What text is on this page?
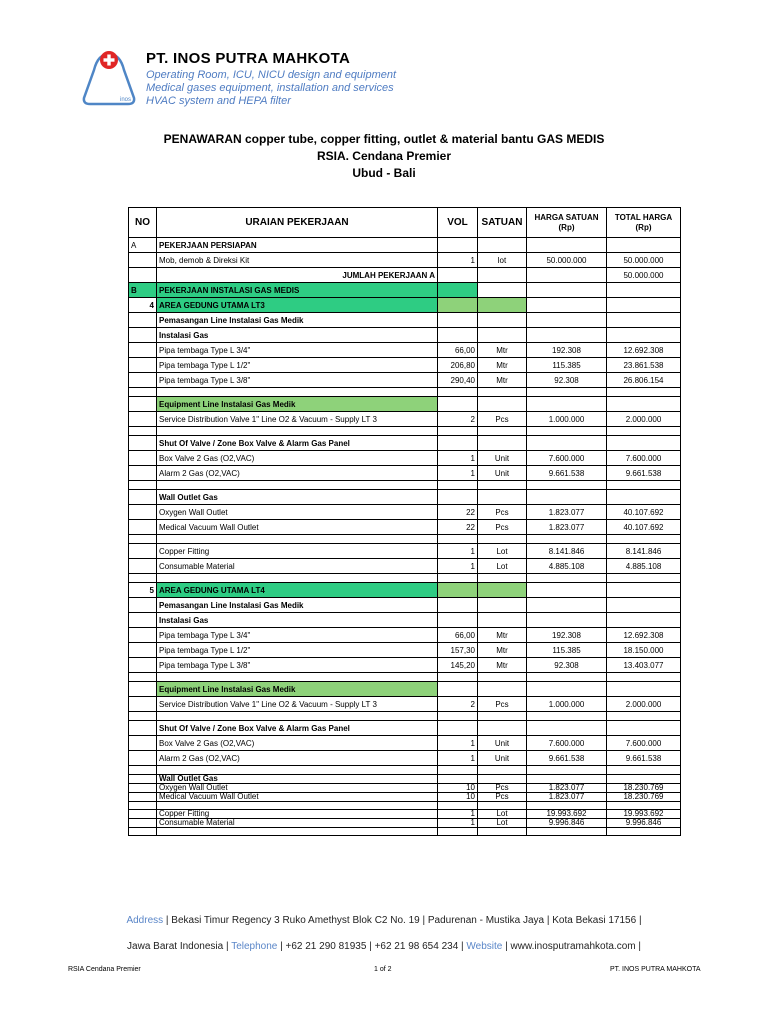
inos
PT. INOS PUTRA MAHKOTA
Operating Room, ICU, NICU design and equipment
Medical gases equipment, installation and services
HVAC system and HEPA filter
PENAWARAN copper tube, copper fitting, outlet & material bantu GAS MEDIS
RSIA. Cendana Premier
Ubud - Bali
NO	URAIAN PEKERJAAN	VOL	SATUAN	HARGA SATUAN (Rp)	TOTAL HARGA (Rp)
A	PEKERJAAN PERSIAPAN				
	Mob, demob & Direksi Kit	1	lot	50.000.000	50.000.000
	JUMLAH PEKERJAAN A				50.000.000
B	PEKERJAAN INSTALASI GAS MEDIS				
4	AREA GEDUNG UTAMA LT3				
	Pemasangan Line Instalasi Gas Medik				
	Instalasi Gas				
	Pipa tembaga Type L 3/4"	66,00	Mtr	192.308	12.692.308
	Pipa tembaga Type L 1/2"	206,80	Mtr	115.385	23.861.538
	Pipa tembaga Type L 3/8"	290,40	Mtr	92.308	26.806.154

	Equipment Line Instalasi Gas Medik				
	Service Distribution Valve 1" Line O2 & Vacuum - Supply LT 3	2	Pcs	1.000.000	2.000.000

	Shut Of Valve / Zone Box Valve & Alarm Gas Panel				
	Box Valve 2 Gas (O2,VAC)	1	Unit	7.600.000	7.600.000
	Alarm 2 Gas (O2,VAC)	1	Unit	9.661.538	9.661.538

	Wall Outlet Gas				
	Oxygen Wall Outlet	22	Pcs	1.823.077	40.107.692
	Medical Vacuum Wall Outlet	22	Pcs	1.823.077	40.107.692

	Copper Fitting	1	Lot	8.141.846	8.141.846
	Consumable Material	1	Lot	4.885.108	4.885.108

5	AREA GEDUNG UTAMA LT4				
	Pemasangan Line Instalasi Gas Medik				
	Instalasi Gas				
	Pipa tembaga Type L 3/4"	66,00	Mtr	192.308	12.692.308
	Pipa tembaga Type L 1/2"	157,30	Mtr	115.385	18.150.000
	Pipa tembaga Type L 3/8"	145,20	Mtr	92.308	13.403.077

	Equipment Line Instalasi Gas Medik				
	Service Distribution Valve 1" Line O2 & Vacuum - Supply LT 3	2	Pcs	1.000.000	2.000.000

	Shut Of Valve / Zone Box Valve & Alarm Gas Panel				
	Box Valve 2 Gas (O2,VAC)	1	Unit	7.600.000	7.600.000
	Alarm 2 Gas (O2,VAC)	1	Unit	9.661.538	9.661.538

	Wall Outlet Gas				
	Oxygen Wall Outlet	10	Pcs	1.823.077	18.230.769
	Medical Vacuum Wall Outlet	10	Pcs	1.823.077	18.230.769

	Copper Fitting	1	Lot	19.993.692	19.993.692
	Consumable Material	1	Lot	9.996.846	9.996.846

Address | Bekasi Timur Regency 3 Ruko Amethyst Blok C2 No. 19 | Padurenan - Mustika Jaya | Kota Bekasi 17156 |
Jawa Barat Indonesia | Telephone | +62 21 290 81935 | +62 21 98 654 234 | Website | www.inosputramahkota.com |
RSIA Cendana Premier	1 of 2	PT. INOS PUTRA MAHKOTA
